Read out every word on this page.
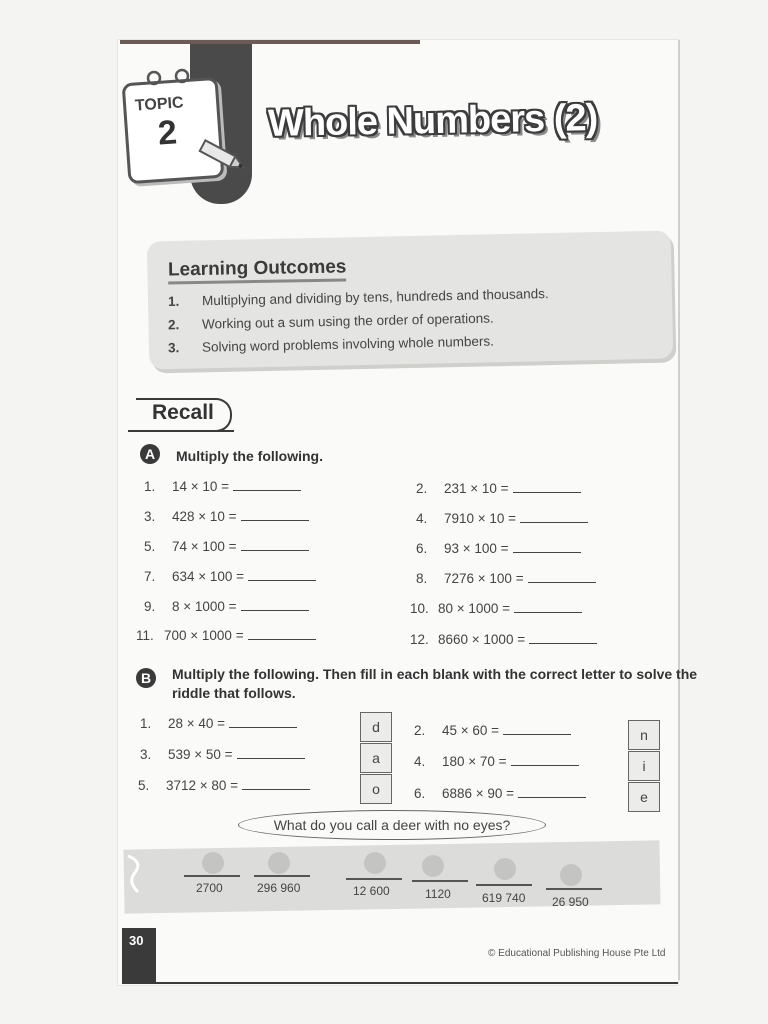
TOPIC
2 Whole Numbers (2)
Learning Outcomes
1. Multiplying and dividing by tens, hundreds and thousands.
2. Working out a sum using the order of operations.
3. Solving word problems involving whole numbers.
Recall
A	Multiply the following.
1. 14 × 10 =	2. 231 × 10 =
3. 428 × 10 =	4. 7910 × 10 =
5. 74 × 100 =	6. 93 × 100 =
7. 634 × 100 =	8. 7276 × 100 =
9. 8 × 1000 =	10. 80 × 1000 =
11. 700 × 1000 =	12. 8660 × 1000 =
B	Multiply the following. Then fill in each blank with the correct letter to solve the
riddle that follows.
1. 28 × 40 =	d	2. 45 × 60 =	n
3. 539 × 50 =	a	4. 180 × 70 =	i
5. 3712 × 80 =	o	6. 6886 × 90 =	e
What do you call a deer with no eyes?
2700	296 960	12 600	1120	619 740 26 950
30
© Educational Publishing House Pte Ltd
